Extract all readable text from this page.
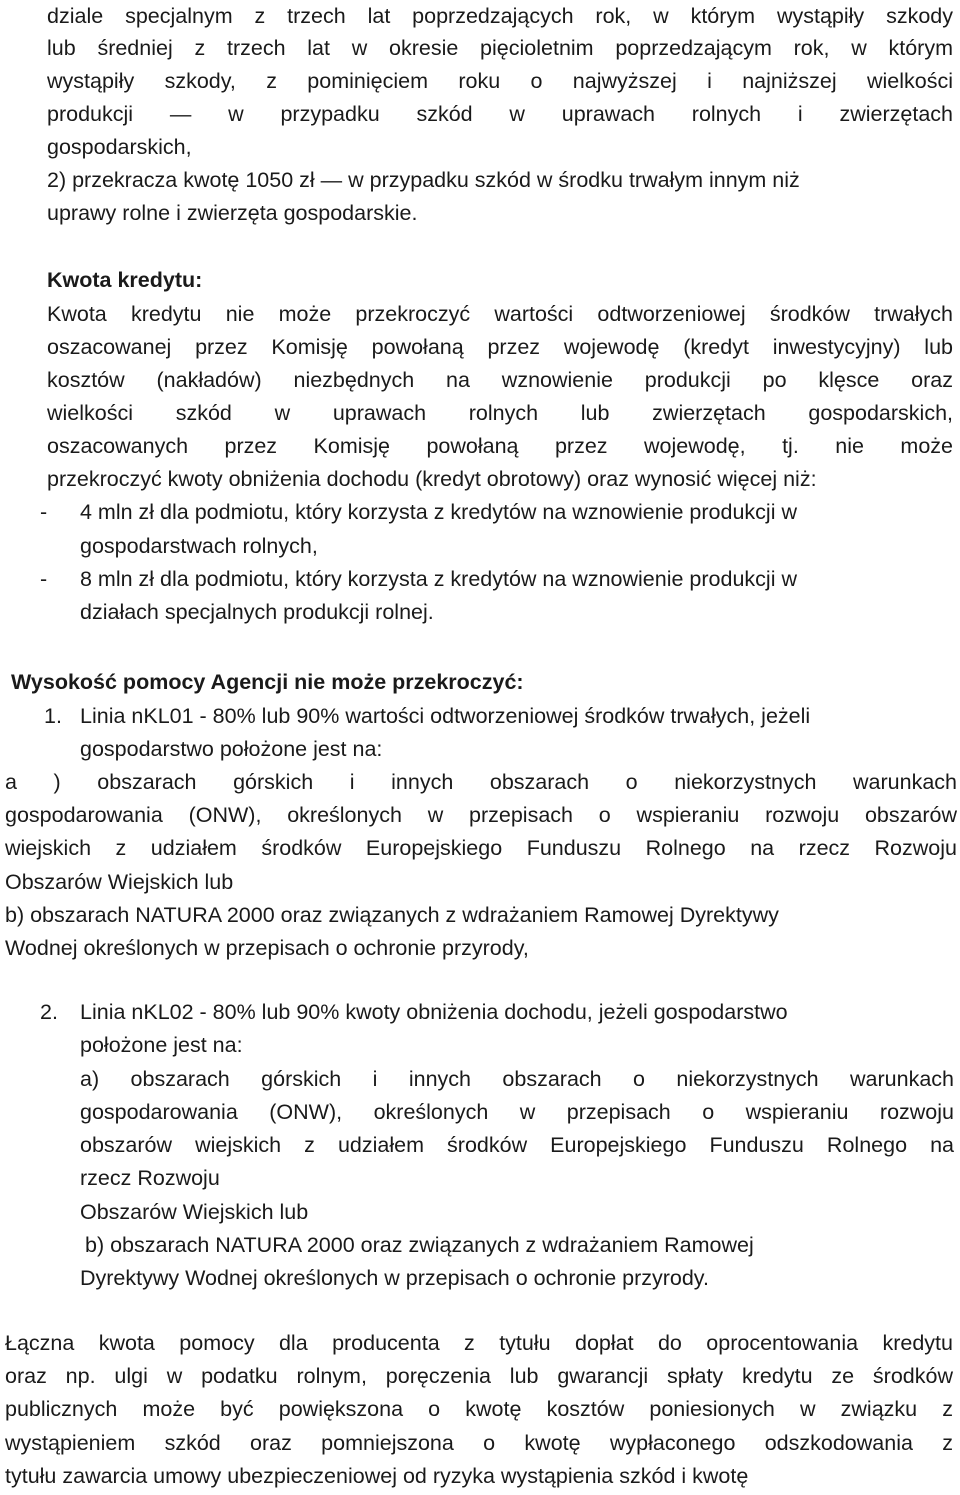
dziale specjalnym z trzech lat poprzedzających rok, w którym wystąpiły szkody
lub średniej z trzech lat w okresie pięcioletnim poprzedzającym rok, w którym
wystąpiły szkody, z pominięciem roku o najwyższej i najniższej wielkości
produkcji — w przypadku szkód w uprawach rolnych i zwierzętach
gospodarskich,
2) przekracza kwotę 1050 zł — w przypadku szkód w środku trwałym innym niż
uprawy rolne i zwierzęta gospodarskie.
Kwota kredytu:
Kwota kredytu nie może przekroczyć wartości odtworzeniowej środków trwałych
oszacowanej przez Komisję powołaną przez wojewodę (kredyt inwestycyjny) lub
kosztów (nakładów) niezbędnych na wznowienie produkcji po klęsce oraz
wielkości szkód w uprawach rolnych lub zwierzętach gospodarskich,
oszacowanych przez Komisję powołaną przez wojewodę, tj. nie może
przekroczyć kwoty obniżenia dochodu (kredyt obrotowy) oraz wynosić więcej niż:
- 4 mln zł dla podmiotu, który korzysta z kredytów na wznowienie produkcji w
gospodarstwach rolnych,
- 8 mln zł dla podmiotu, który korzysta z kredytów na wznowienie produkcji w
działach specjalnych produkcji rolnej.
Wysokość pomocy Agencji nie może przekroczyć:
1. Linia nKL01 - 80% lub 90% wartości odtworzeniowej środków trwałych, jeżeli
gospodarstwo położone jest na:
a ) obszarach górskich i innych obszarach o niekorzystnych warunkach
gospodarowania (ONW), określonych w przepisach o wspieraniu rozwoju obszarów
wiejskich z udziałem środków Europejskiego Funduszu Rolnego na rzecz Rozwoju
Obszarów Wiejskich lub
b) obszarach NATURA 2000 oraz związanych z wdrażaniem Ramowej Dyrektywy
Wodnej określonych w przepisach o ochronie przyrody,
2. Linia nKL02 - 80% lub 90% kwoty obniżenia dochodu, jeżeli gospodarstwo
położone jest na:
a) obszarach górskich i innych obszarach o niekorzystnych warunkach
gospodarowania (ONW), określonych w przepisach o wspieraniu rozwoju
obszarów wiejskich z udziałem środków Europejskiego Funduszu Rolnego na
rzecz Rozwoju
Obszarów Wiejskich lub
b) obszarach NATURA 2000 oraz związanych z wdrażaniem Ramowej
Dyrektywy Wodnej określonych w przepisach o ochronie przyrody.
Łączna kwota pomocy dla producenta z tytułu dopłat do oprocentowania kredytu
oraz np. ulgi w podatku rolnym, poręczenia lub gwarancji spłaty kredytu ze środków
publicznych może być powiększona o kwotę kosztów poniesionych w związku z
wystąpieniem szkód oraz pomniejszona o kwotę wypłaconego odszkodowania z
tytułu zawarcia umowy ubezpieczeniowej od ryzyka wystąpienia szkód i kwotę
